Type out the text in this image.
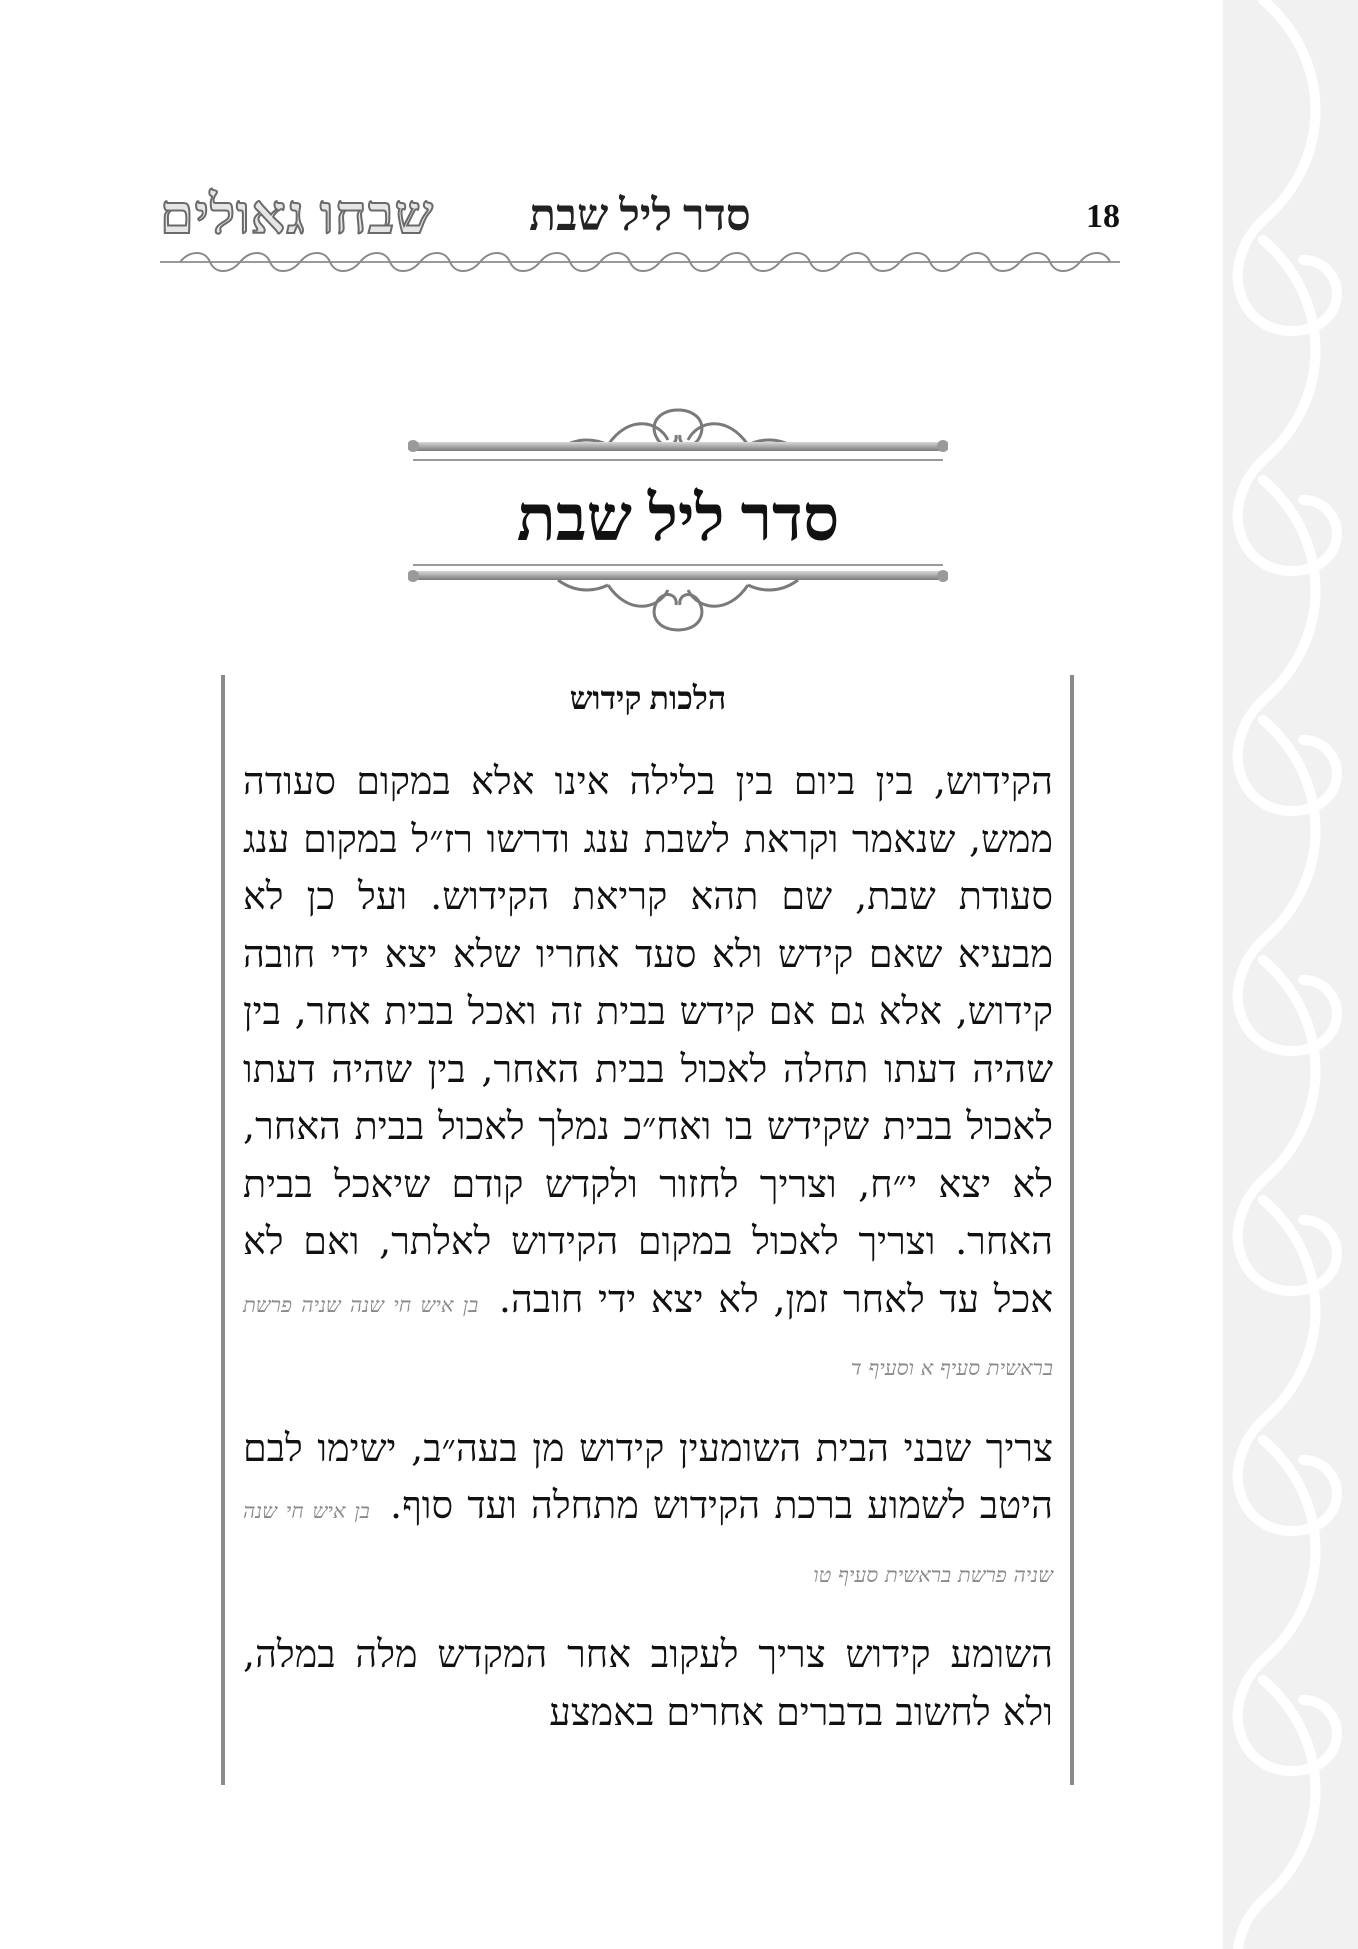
שבחו גאולים	סדר ליל שבת	18
סדר ליל שבת
הלכות קידוש

הקידוש, בין ביום בין בלילה אינו אלא במקום סעודה ממש, שנאמר וקראת לשבת ענג ודרשו רז״ל במקום ענג סעודת שבת, שם תהא קריאת הקידוש. ועל כן לא מבעיא שאם קידש ולא סעד אחריו שלא יצא ידי חובה קידוש, אלא גם אם קידש בבית זה ואכל בבית אחר, בין שהיה דעתו תחלה לאכול בבית האחר, בין שהיה דעתו לאכול בבית שקידש בו ואח״כ נמלך לאכול בבית האחר, לא יצא י״ח, וצריך לחזור ולקדש קודם שיאכל בבית האחר. וצריך לאכול במקום הקידוש לאלתר, ואם לא אכל עד לאחר זמן, לא יצא ידי חובה. בן איש חי שנה שניה פרשת בראשית סעיף א וסעיף ד

צריך שבני הבית השומעין קידוש מן בעה״ב, ישימו לבם היטב לשמוע ברכת הקידוש מתחלה ועד סוף. בן איש חי שנה שניה פרשת בראשית סעיף טו

השומע קידוש צריך לעקוב אחר המקדש מלה במלה, ולא לחשוב בדברים אחרים באמצע
